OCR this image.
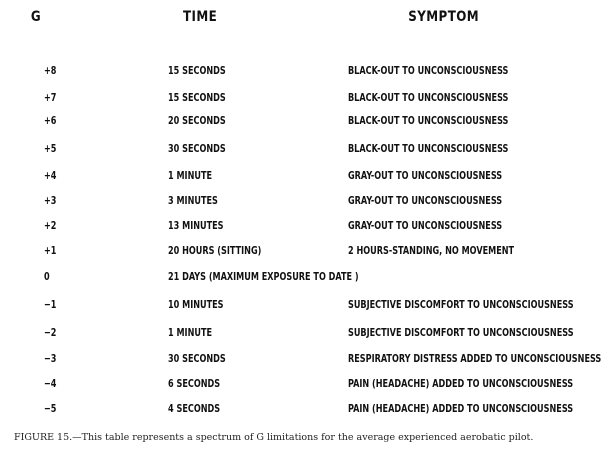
G	TIME	SYMPTOM
+8	15 SECONDS	BLACK-OUT TO UNCONSCIOUSNESS
+7	15 SECONDS	BLACK-OUT TO UNCONSCIOUSNESS
+6	20 SECONDS	BLACK-OUT TO UNCONSCIOUSNESS
+5	30 SECONDS	BLACK-OUT TO UNCONSCIOUSNESS
+4	1 MINUTE	GRAY-OUT TO UNCONSCIOUSNESS
+3	3 MINUTES	GRAY-OUT TO UNCONSCIOUSNESS
+2	13 MINUTES	GRAY-OUT TO UNCONSCIOUSNESS
+1	20 HOURS (SITTING)	2 HOURS-STANDING, NO MOVEMENT
0	21 DAYS (MAXIMUM EXPOSURE TO DATE )
−1	10 MINUTES	SUBJECTIVE DISCOMFORT TO UNCONSCIOUSNESS
−2	1 MINUTE	SUBJECTIVE DISCOMFORT TO UNCONSCIOUSNESS
−3	30 SECONDS	RESPIRATORY DISTRESS ADDED TO UNCONSCIOUSNESS
−4	6 SECONDS	PAIN (HEADACHE) ADDED TO UNCONSCIOUSNESS
−5	4 SECONDS	PAIN (HEADACHE) ADDED TO UNCONSCIOUSNESS
FIGURE 15.—This table represents a spectrum of G limitations for the average experienced aerobatic pilot.
